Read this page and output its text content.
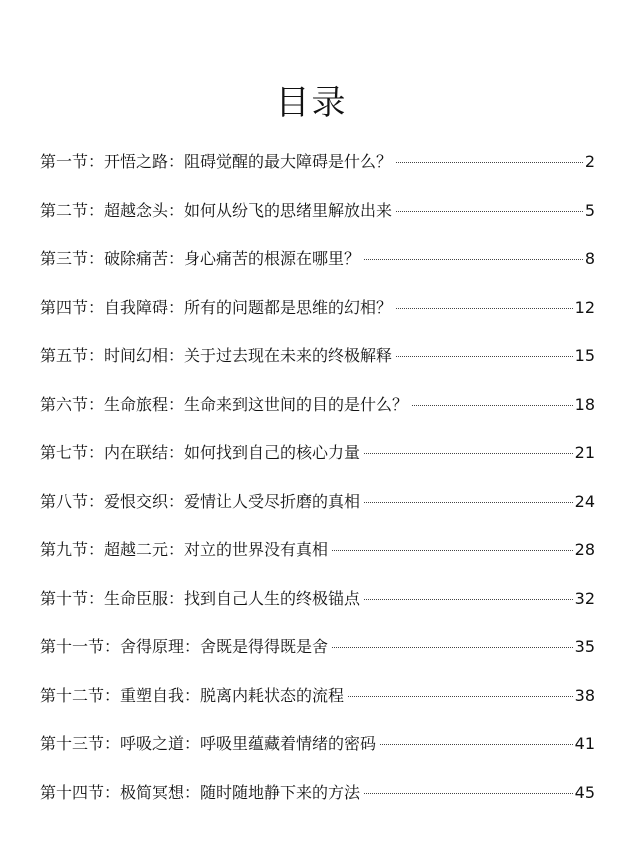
目录
第一节： 开悟之路：阻碍觉醒的最大障碍是什么？	2
第二节： 超越念头：如何从纷飞的思绪里解放出来	5
第三节： 破除痛苦：身心痛苦的根源在哪里？	8
第四节： 自我障碍：所有的问题都是思维的幻相？	12
第五节： 时间幻相：关于过去现在未来的终极解释	15
第六节： 生命旅程：生命来到这世间的目的是什么？	18
第七节： 内在联结：如何找到自己的核心力量	21
第八节： 爱恨交织：爱情让人受尽折磨的真相	24
第九节： 超越二元：对立的世界没有真相	28
第十节： 生命臣服：找到自己人生的终极锚点	32
第十一节： 舍得原理：舍既是得得既是舍	35
第十二节： 重塑自我：脱离内耗状态的流程	38
第十三节： 呼吸之道：呼吸里蕴藏着情绪的密码	41
第十四节： 极简冥想：随时随地静下来的方法	45
